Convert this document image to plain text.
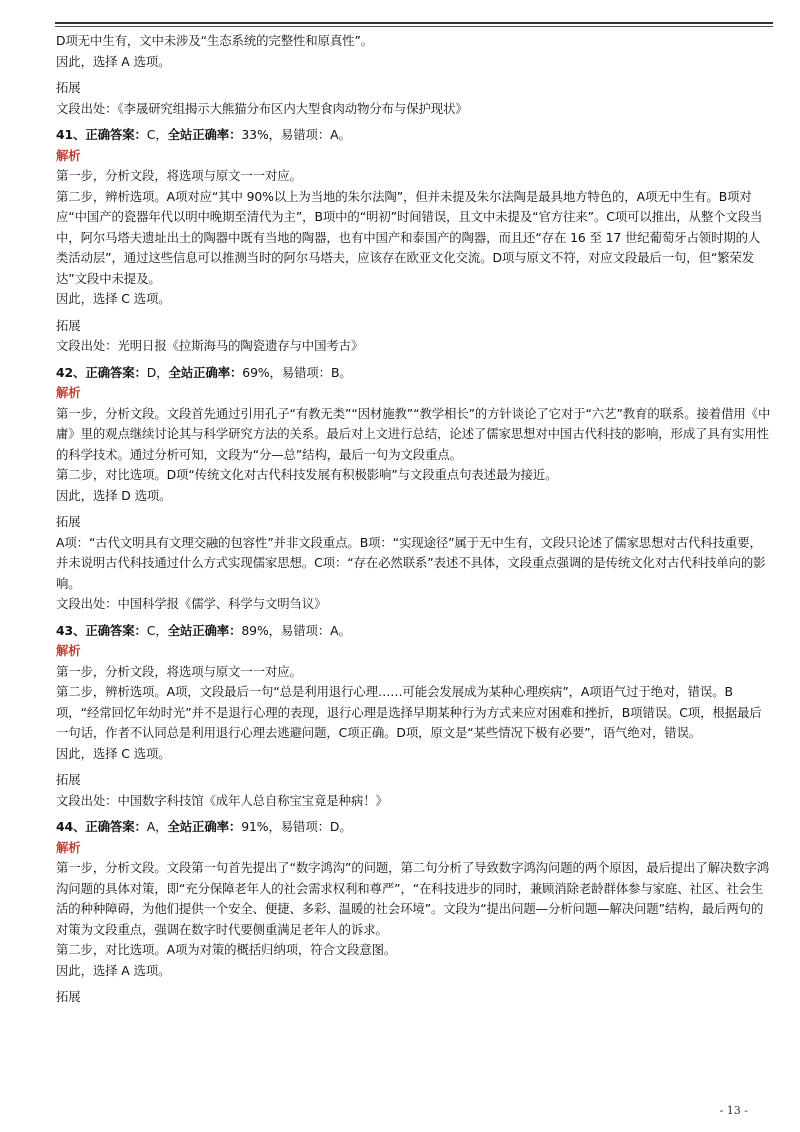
D项无中生有，文中未涉及“生态系统的完整性和原真性”。

因此，选择 A 选项。

拓展

文段出处：《李晟研究组揭示大熊猫分布区内大型食肉动物分布与保护现状》

41、正确答案：C，全站正确率：33%，易错项：A。

解析

第一步，分析文段，将选项与原文一一对应。

第二步，辨析选项。A项对应“其中 90%以上为当地的朱尔法陶”，但并未提及朱尔法陶是最具地方特色的，A项无中生有。B项对应“中国产的瓷器年代以明中晚期至清代为主”，B项中的“明初”时间错误，且文中未提及“官方往来”。C项可以推出，从整个文段当中，阿尔马塔夫遗址出土的陶器中既有当地的陶器，也有中国产和泰国产的陶器，而且还“存在 16 至 17 世纪葡萄牙占领时期的人类活动层”，通过这些信息可以推测当时的阿尔马塔夫，应该存在欧亚文化交流。D项与原文不符，对应文段最后一句，但“繁荣发达”文段中未提及。

因此，选择 C 选项。

拓展

文段出处：光明日报《拉斯海马的陶瓷遗存与中国考古》

42、正确答案：D，全站正确率：69%，易错项：B。

解析

第一步，分析文段。文段首先通过引用孔子“有教无类”“因材施教”“教学相长”的方针谈论了它对于“六艺”教育的联系。接着借用《中庸》里的观点继续讨论其与科学研究方法的关系。最后对上文进行总结，论述了儒家思想对中国古代科技的影响，形成了具有实用性的科学技术。通过分析可知，文段为“分—总”结构，最后一句为文段重点。

第二步，对比选项。D项“传统文化对古代科技发展有积极影响”与文段重点句表述最为接近。

因此，选择 D 选项。

拓展

A项：“古代文明具有文理交融的包容性”并非文段重点。B项：“实现途径”属于无中生有，文段只论述了儒家思想对古代科技重要，并未说明古代科技通过什么方式实现儒家思想。C项：“存在必然联系”表述不具体，文段重点强调的是传统文化对古代科技单向的影响。

文段出处：中国科学报《儒学、科学与文明刍议》

43、正确答案：C，全站正确率：89%，易错项：A。

解析

第一步，分析文段，将选项与原文一一对应。

第二步，辨析选项。A项，文段最后一句“总是利用退行心理……可能会发展成为某种心理疾病”，A项语气过于绝对，错误。B项，“经常回忆年幼时光”并不是退行心理的表现，退行心理是选择早期某种行为方式来应对困难和挫折，B项错误。C项，根据最后一句话，作者不认同总是利用退行心理去逃避问题，C项正确。D项，原文是“某些情况下极有必要”，语气绝对，错误。

因此，选择 C 选项。

拓展

文段出处：中国数字科技馆《成年人总自称宝宝竟是种病！》

44、正确答案：A，全站正确率：91%，易错项：D。

解析

第一步，分析文段。文段第一句首先提出了“数字鸿沟”的问题，第二句分析了导致数字鸿沟问题的两个原因，最后提出了解决数字鸿沟问题的具体对策，即“充分保障老年人的社会需求权利和尊严”，“在科技进步的同时，兼顾消除老龄群体参与家庭、社区、社会生活的种种障碍，为他们提供一个安全、便捷、多彩、温暖的社会环境”。文段为“提出问题—分析问题—解决问题”结构，最后两句的对策为文段重点，强调在数字时代要侧重满足老年人的诉求。

第二步，对比选项。A项为对策的概括归纳项，符合文段意图。

因此，选择 A 选项。

拓展

- 13 -
